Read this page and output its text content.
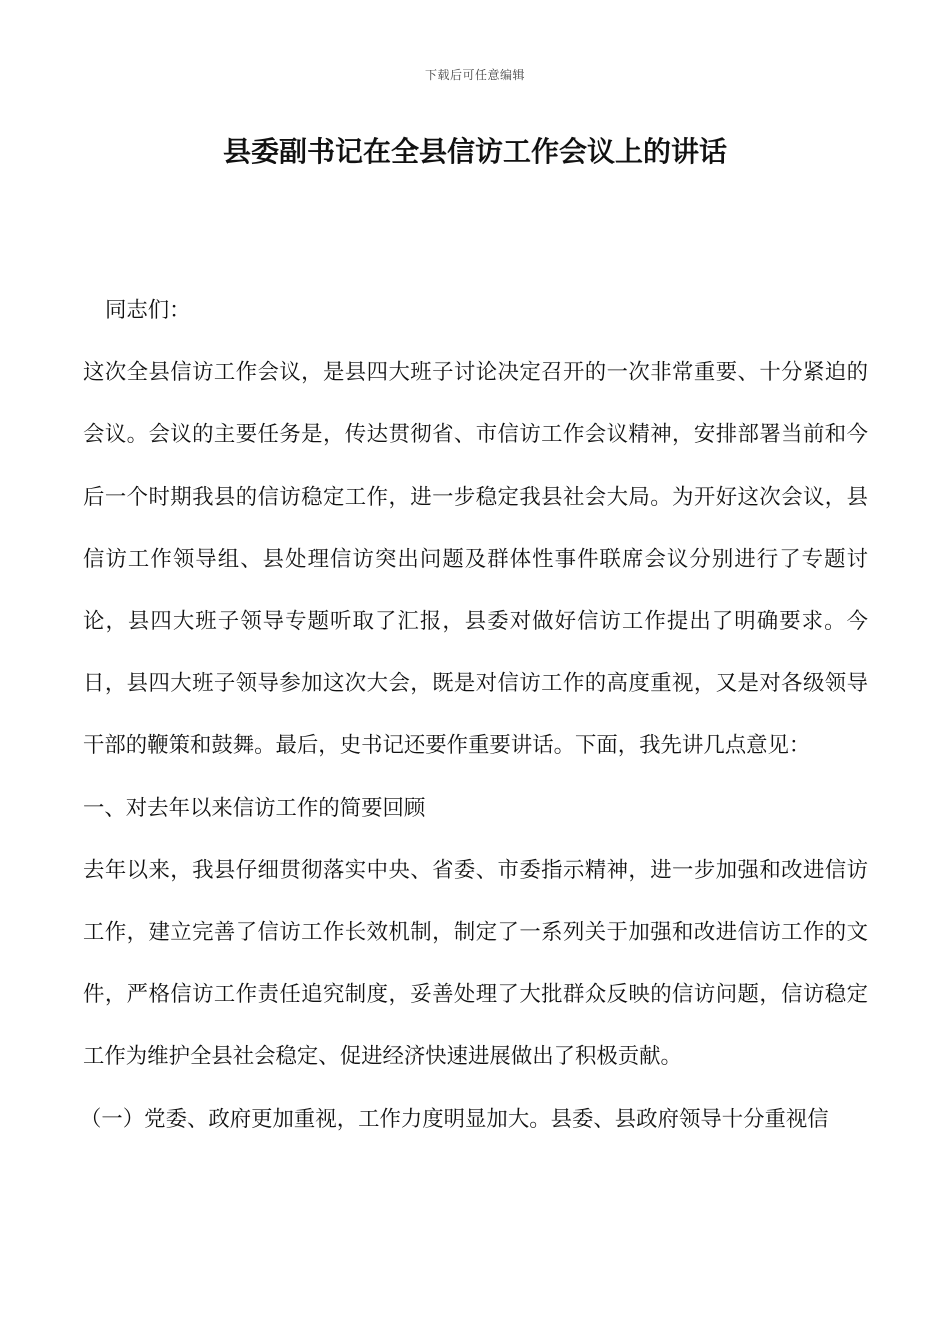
下载后可任意编辑
县委副书记在全县信访工作会议上的讲话

同志们：

这次全县信访工作会议，是县四大班子讨论决定召开的一次非常重要、十分紧迫的会议。会议的主要任务是，传达贯彻省、市信访工作会议精神，安排部署当前和今后一个时期我县的信访稳定工作，进一步稳定我县社会大局。为开好这次会议，县信访工作领导组、县处理信访突出问题及群体性事件联席会议分别进行了专题讨论，县四大班子领导专题听取了汇报，县委对做好信访工作提出了明确要求。今日，县四大班子领导参加这次大会，既是对信访工作的高度重视，又是对各级领导干部的鞭策和鼓舞。最后，史书记还要作重要讲话。下面，我先讲几点意见：

一、对去年以来信访工作的简要回顾

去年以来，我县仔细贯彻落实中央、省委、市委指示精神，进一步加强和改进信访工作，建立完善了信访工作长效机制，制定了一系列关于加强和改进信访工作的文件，严格信访工作责任追究制度，妥善处理了大批群众反映的信访问题，信访稳定工作为维护全县社会稳定、促进经济快速进展做出了积极贡献。

（一）党委、政府更加重视，工作力度明显加大。县委、县政府领导十分重视信
